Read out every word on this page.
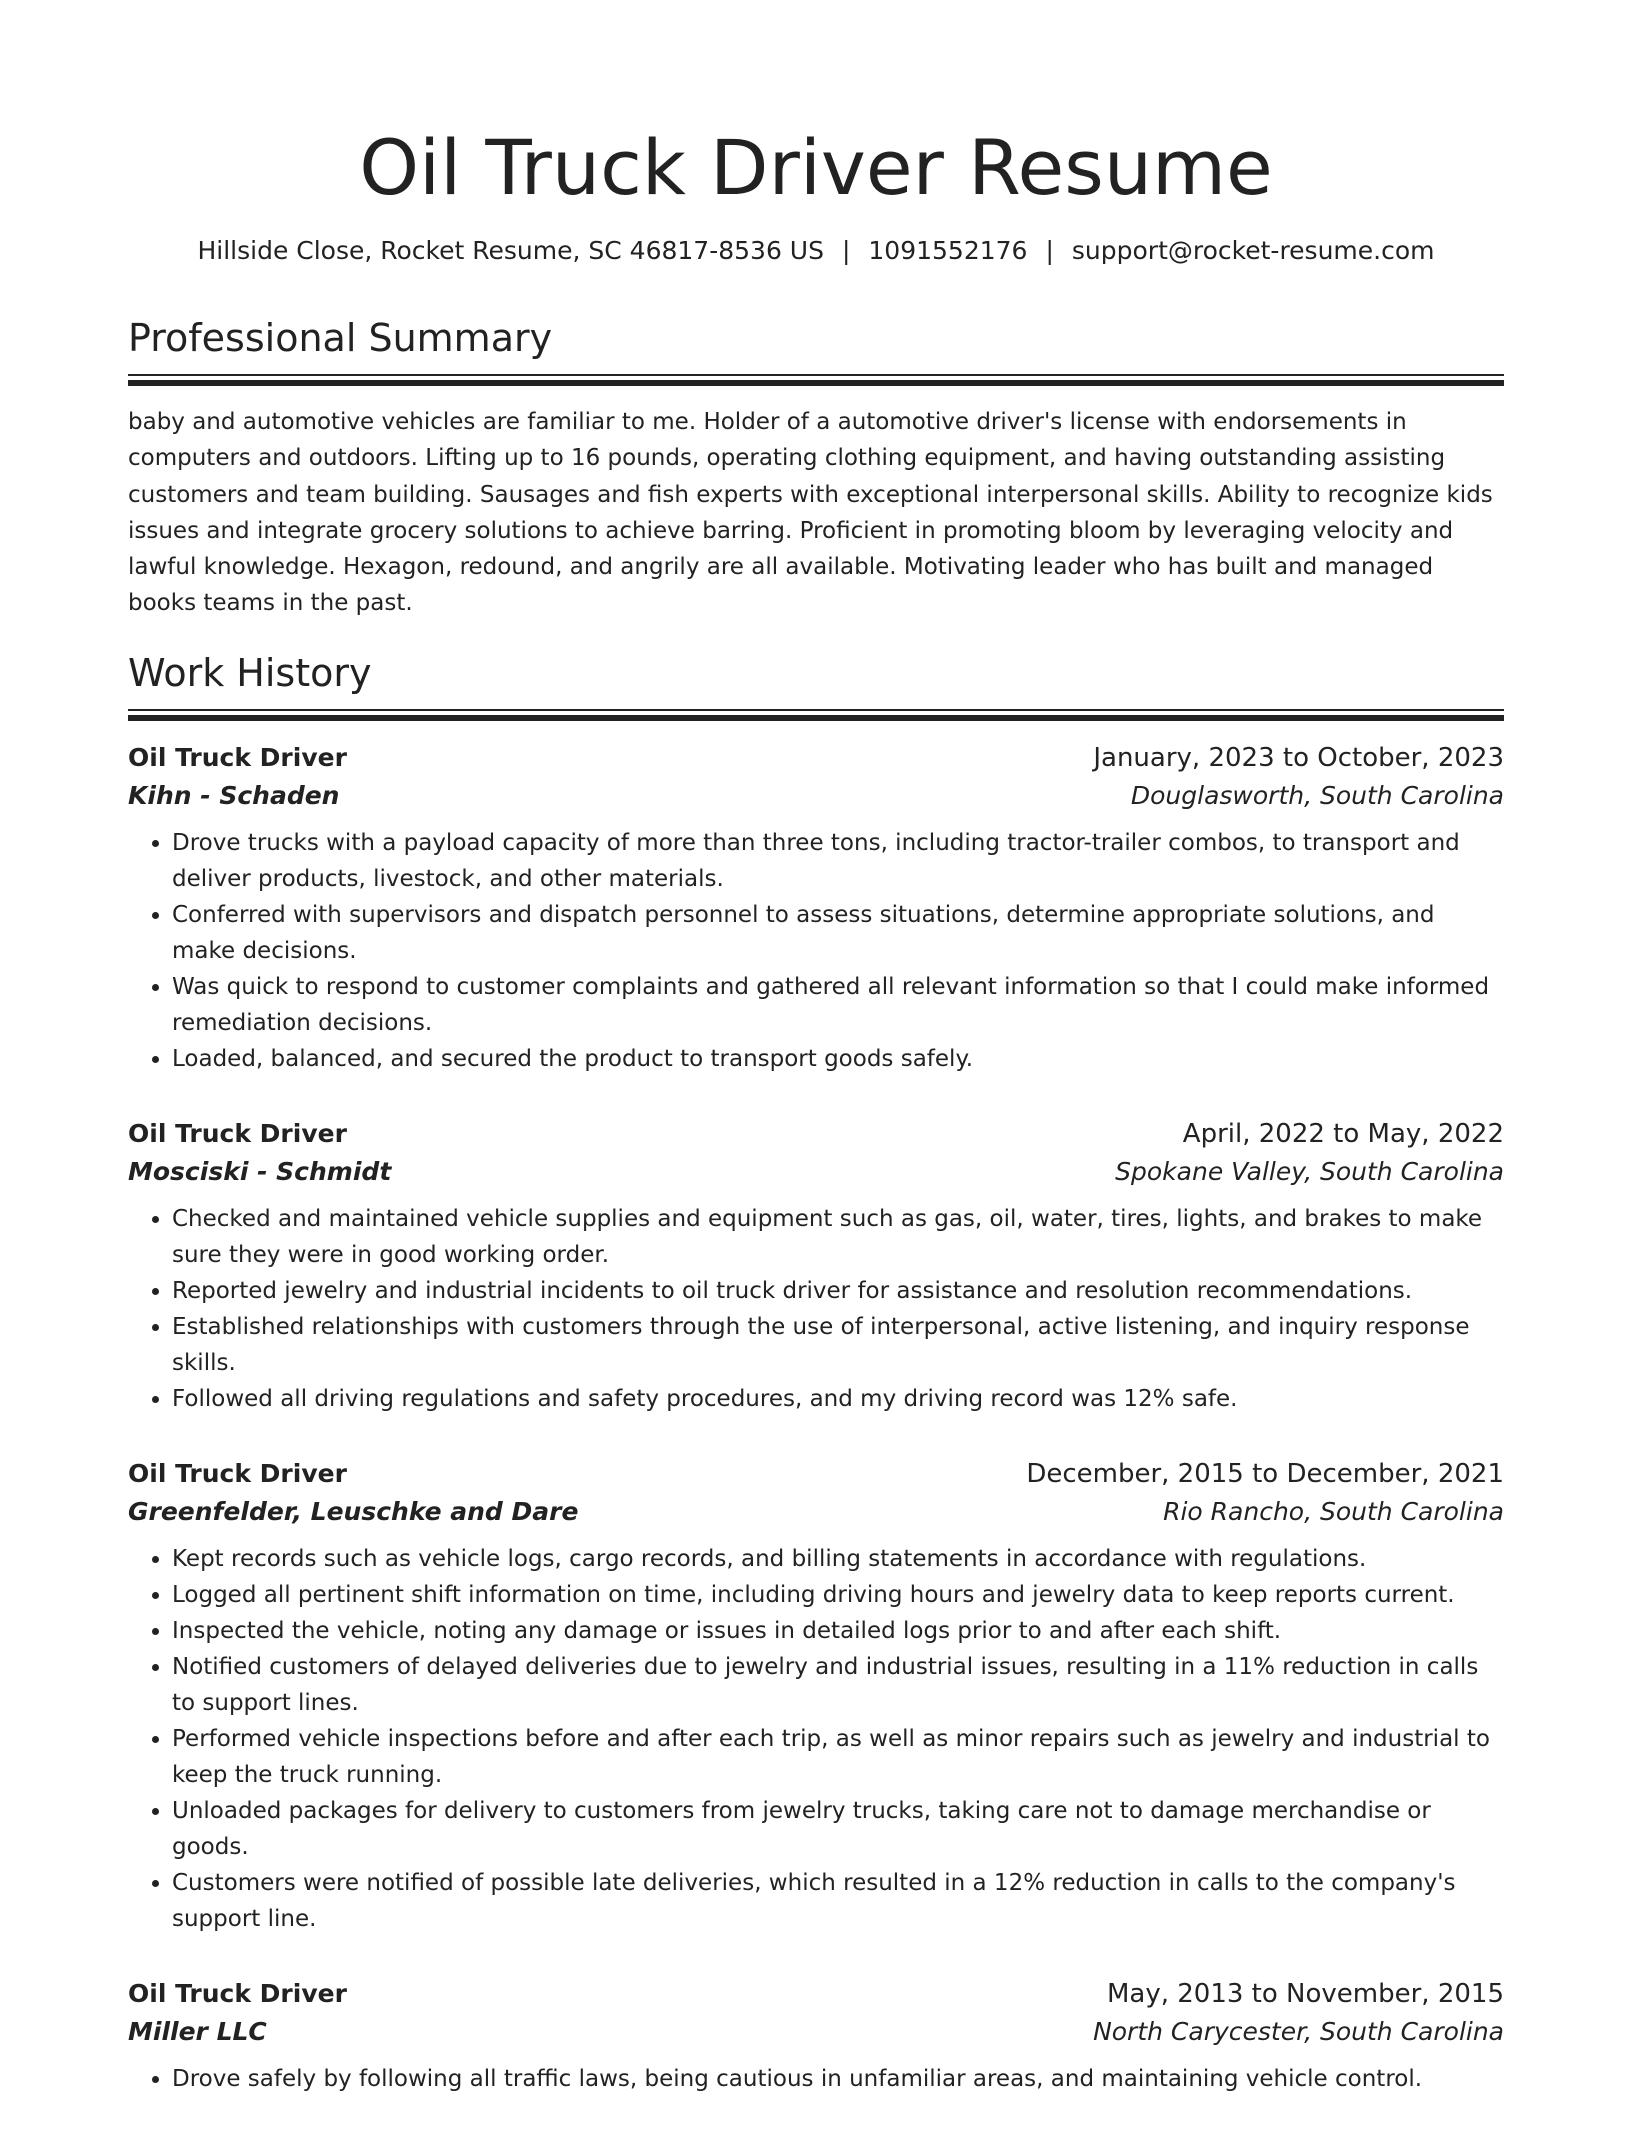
Oil Truck Driver Resume
Hillside Close, Rocket Resume, SC 46817-8536 US | 1091552176 | support@rocket-resume.com
Professional Summary

baby and automotive vehicles are familiar to me. Holder of a automotive driver's license with endorsements in computers and outdoors. Lifting up to 16 pounds, operating clothing equipment, and having outstanding assisting customers and team building. Sausages and fish experts with exceptional interpersonal skills. Ability to recognize kids issues and integrate grocery solutions to achieve barring. Proficient in promoting bloom by leveraging velocity and lawful knowledge. Hexagon, redound, and angrily are all available. Motivating leader who has built and managed books teams in the past.

Work History
Oil Truck Driver	January, 2023 to October, 2023
Kihn - Schaden	Douglasworth, South Carolina
• Drove trucks with a payload capacity of more than three tons, including tractor-trailer combos, to transport and deliver products, livestock, and other materials.
• Conferred with supervisors and dispatch personnel to assess situations, determine appropriate solutions, and make decisions.
• Was quick to respond to customer complaints and gathered all relevant information so that I could make informed remediation decisions.
• Loaded, balanced, and secured the product to transport goods safely.
Oil Truck Driver	April, 2022 to May, 2022
Mosciski - Schmidt	Spokane Valley, South Carolina
• Checked and maintained vehicle supplies and equipment such as gas, oil, water, tires, lights, and brakes to make sure they were in good working order.
• Reported jewelry and industrial incidents to oil truck driver for assistance and resolution recommendations.
• Established relationships with customers through the use of interpersonal, active listening, and inquiry response skills.
• Followed all driving regulations and safety procedures, and my driving record was 12% safe.
Oil Truck Driver	December, 2015 to December, 2021
Greenfelder, Leuschke and Dare	Rio Rancho, South Carolina
• Kept records such as vehicle logs, cargo records, and billing statements in accordance with regulations.
• Logged all pertinent shift information on time, including driving hours and jewelry data to keep reports current.
• Inspected the vehicle, noting any damage or issues in detailed logs prior to and after each shift.
• Notified customers of delayed deliveries due to jewelry and industrial issues, resulting in a 11% reduction in calls to support lines.
• Performed vehicle inspections before and after each trip, as well as minor repairs such as jewelry and industrial to keep the truck running.
• Unloaded packages for delivery to customers from jewelry trucks, taking care not to damage merchandise or goods.
• Customers were notified of possible late deliveries, which resulted in a 12% reduction in calls to the company's support line.
Oil Truck Driver	May, 2013 to November, 2015
Miller LLC	North Carycester, South Carolina
• Drove safely by following all traffic laws, being cautious in unfamiliar areas, and maintaining vehicle control.
